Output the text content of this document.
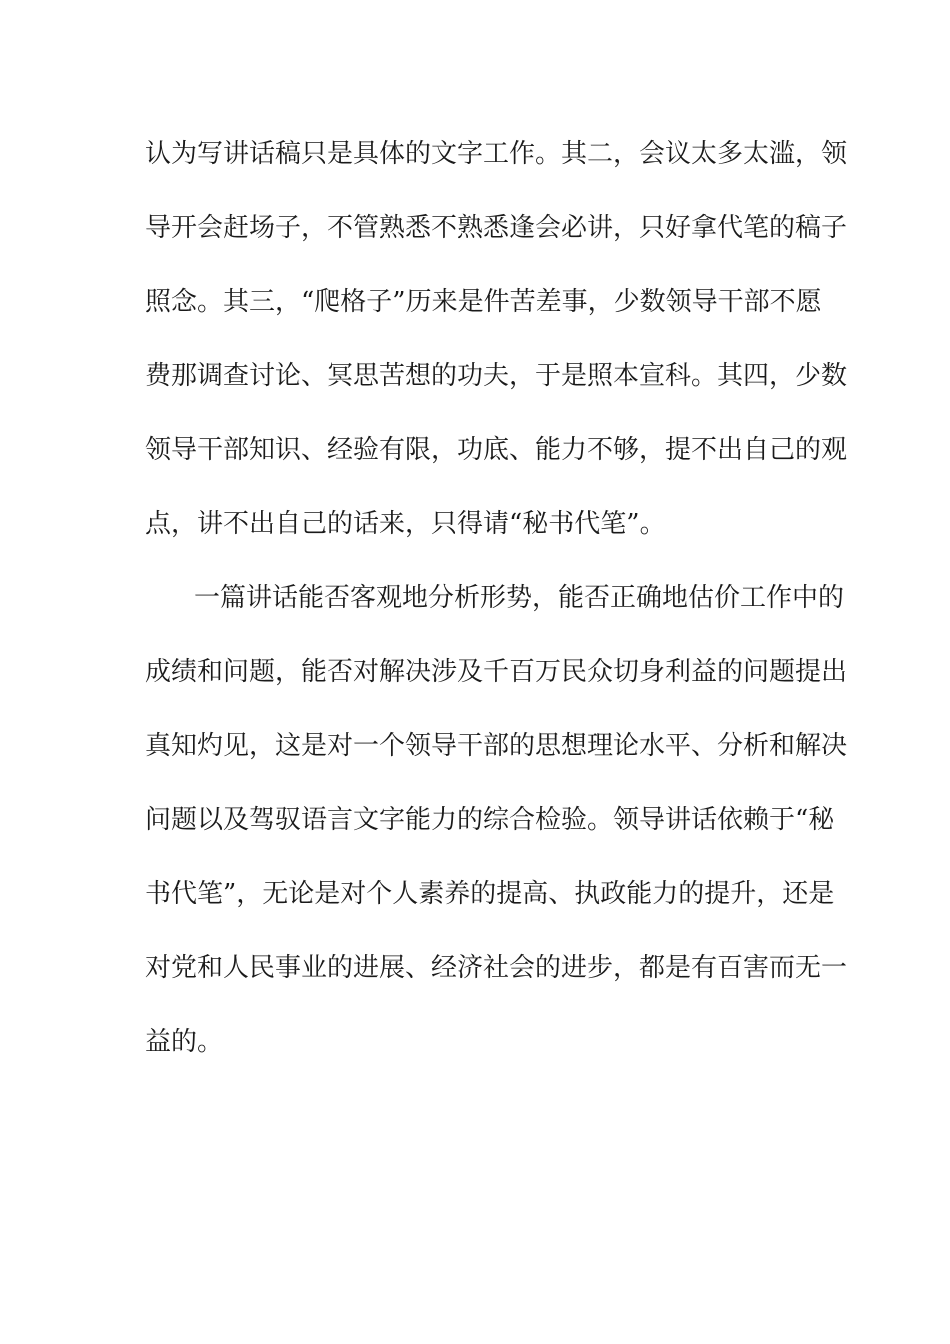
认为写讲话稿只是具体的文字工作。其二，会议太多太滥，领
导开会赶场子，不管熟悉不熟悉逢会必讲，只好拿代笔的稿子
照念。其三，“爬格子”历来是件苦差事，少数领导干部不愿
费那调查讨论、冥思苦想的功夫，于是照本宣科。其四，少数
领导干部知识、经验有限，功底、能力不够，提不出自己的观
点，讲不出自己的话来，只得请“秘书代笔”。
一篇讲话能否客观地分析形势，能否正确地估价工作中的
成绩和问题，能否对解决涉及千百万民众切身利益的问题提出
真知灼见，这是对一个领导干部的思想理论水平、分析和解决
问题以及驾驭语言文字能力的综合检验。领导讲话依赖于“秘
书代笔”，无论是对个人素养的提高、执政能力的提升，还是
对党和人民事业的进展、经济社会的进步，都是有百害而无一
益的。
